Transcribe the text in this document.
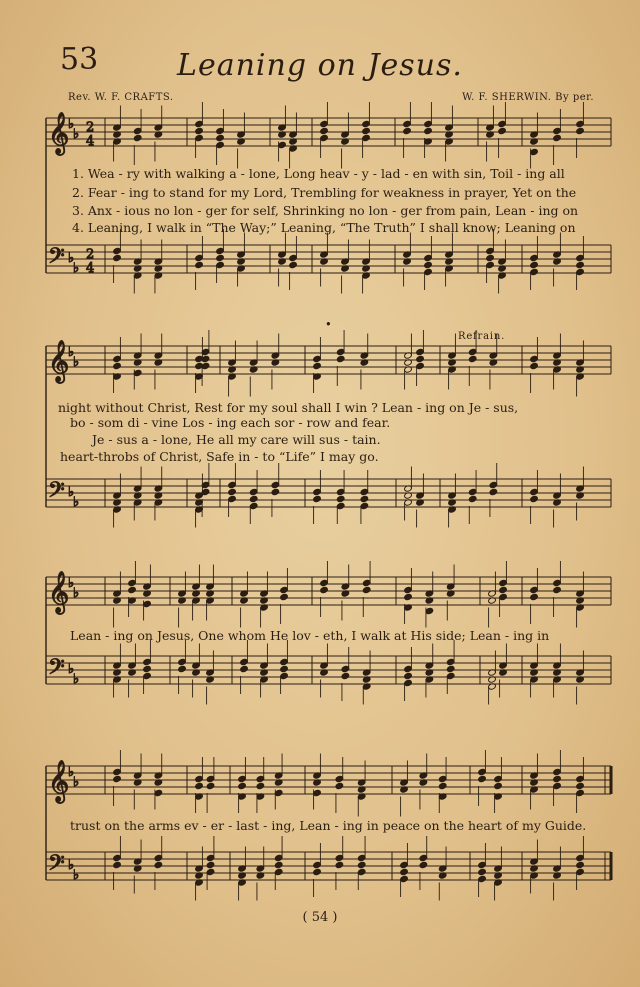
53	Leaning on Jesus.
Rev. W. F. CRAFTS.	W. F. SHERWIN. By per.
𝄞
𝄢
♭
♭
♭
♭
2
4
2
4
𝄞
𝄢
♭
♭
♭
♭
𝄞
𝄢
♭
♭
♭
♭
𝄞
𝄢
♭
♭
♭
♭
•
Refrain.
1. Wea - ry with walking a - lone, Long heav - y - lad - en with sin, Toil - ing all
2. Fear - ing to stand for my Lord, Trembling for weakness in prayer, Yet on the
3. Anx - ious no lon - ger for self, Shrinking no lon - ger from pain, Lean - ing on
4. Leaning, I walk in “The Way;” Leaning, “The Truth” I shall know; Leaning on
night without Christ, Rest for my soul shall I win ? Lean - ing on Je - sus,
bo - som di - vine Los - ing each sor - row and fear.
Je - sus a - lone, He all my care will sus - tain.
heart-throbs of Christ, Safe in - to “Life” I may go.
Lean - ing on Jesus, One whom He lov - eth, I walk at His side; Lean - ing in
trust on the arms ev - er - last - ing, Lean - ing in peace on the heart of my Guide.
( 54 )
